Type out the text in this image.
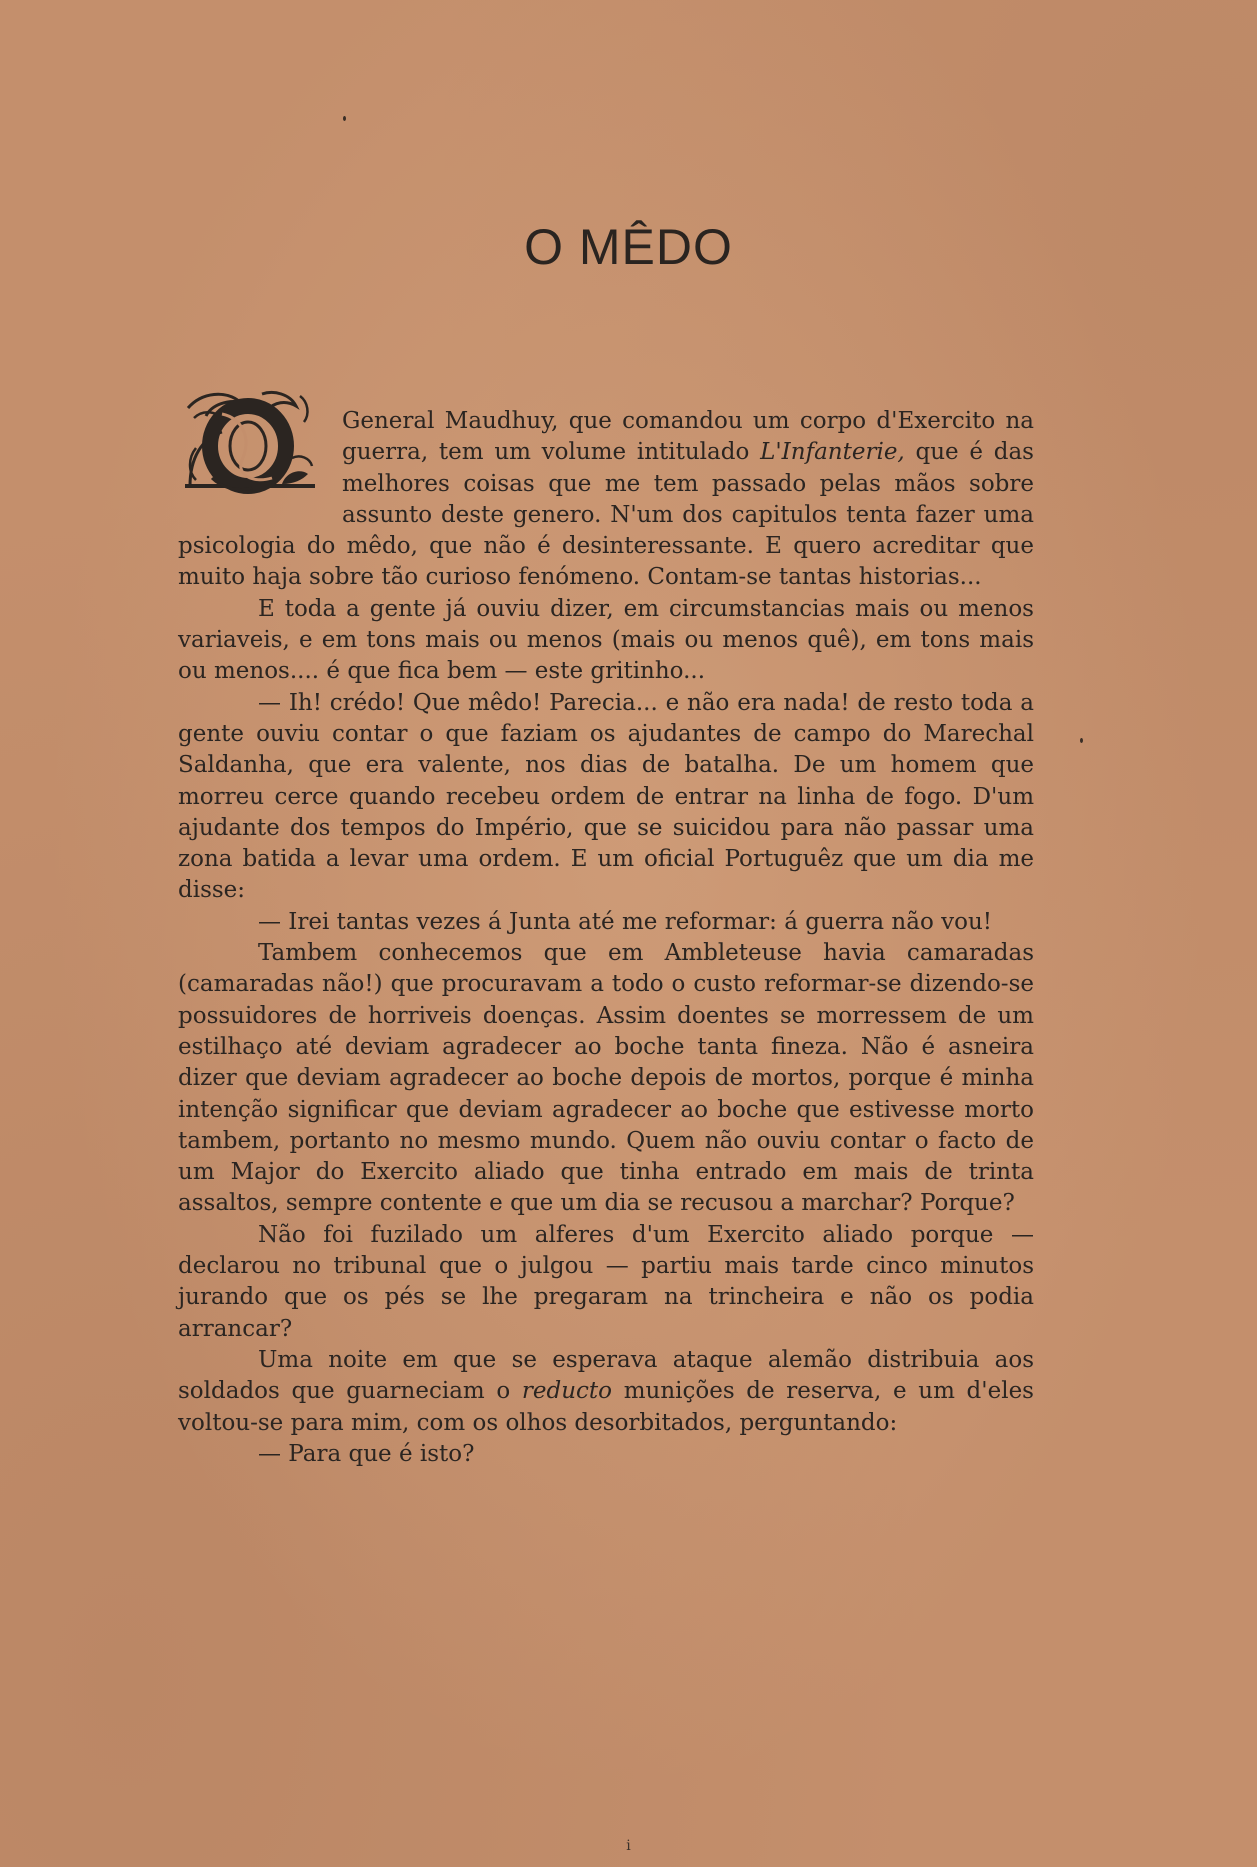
O MÊDO

General Maudhuy, que comandou um corpo d'Exercito na guerra, tem um volume intitulado L'Infanterie, que é das melhores coisas que me tem passado pelas mãos sobre assunto deste genero. N'um dos capitulos tenta fazer uma psicologia do mêdo, que não é desinteressante. E quero acreditar que muito haja sobre tão curioso fenómeno. Contam-se tantas historias...

E toda a gente já ouviu dizer, em circumstancias mais ou menos variaveis, e em tons mais ou menos (mais ou menos quê), em tons mais ou menos.... é que fica bem — este gritinho...

— Ih! crédo! Que mêdo! Parecia... e não era nada! de resto toda a gente ouviu contar o que faziam os ajudantes de campo do Marechal Saldanha, que era valente, nos dias de batalha. De um homem que morreu cerce quando recebeu ordem de entrar na linha de fogo. D'um ajudante dos tempos do Império, que se suicidou para não passar uma zona batida a levar uma ordem. E um oficial Portuguêz que um dia me disse:

— Irei tantas vezes á Junta até me reformar: á guerra não vou!

Tambem conhecemos que em Ambleteuse havia camaradas (camaradas não!) que procuravam a todo o custo reformar-se dizendo-se possuidores de horriveis doenças. Assim doentes se morressem de um estilhaço até deviam agradecer ao boche tanta fineza. Não é asneira dizer que deviam agradecer ao boche depois de mortos, porque é minha intenção significar que deviam agradecer ao boche que estivesse morto tambem, portanto no mesmo mundo. Quem não ouviu contar o facto de um Major do Exercito aliado que tinha entrado em mais de trinta assaltos, sempre contente e que um dia se recusou a marchar? Porque?

Não foi fuzilado um alferes d'um Exercito aliado porque — declarou no tribunal que o julgou — partiu mais tarde cinco minutos jurando que os pés se lhe pregaram na trincheira e não os podia arrancar?

Uma noite em que se esperava ataque alemão distribuia aos soldados que guarneciam o reducto munições de reserva, e um d'eles voltou-se para mim, com os olhos desorbitados, perguntando:

— Para que é isto?

i
